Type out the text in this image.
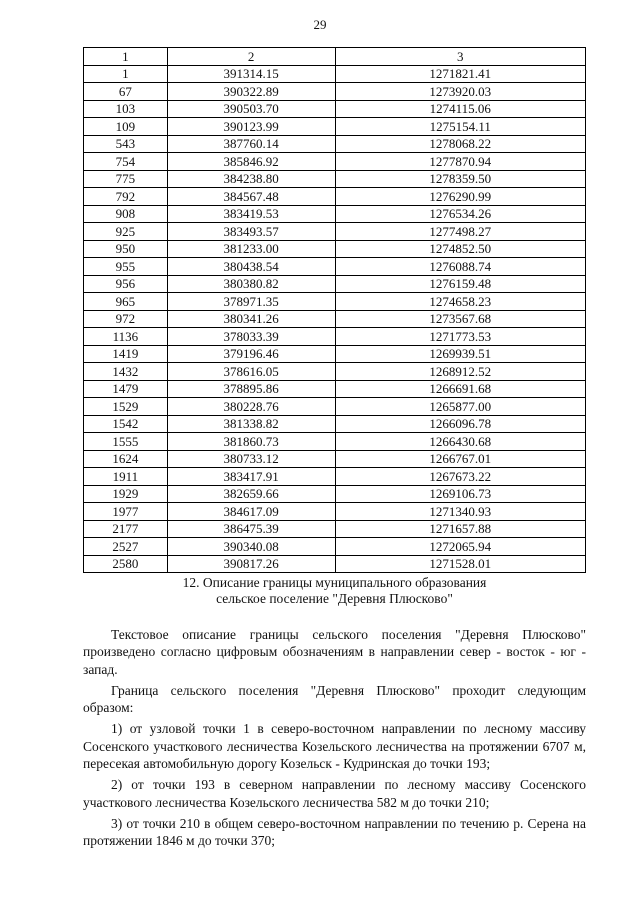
29
1	2	3
1	391314.15	1271821.41
67	390322.89	1273920.03
103	390503.70	1274115.06
109	390123.99	1275154.11
543	387760.14	1278068.22
754	385846.92	1277870.94
775	384238.80	1278359.50
792	384567.48	1276290.99
908	383419.53	1276534.26
925	383493.57	1277498.27
950	381233.00	1274852.50
955	380438.54	1276088.74
956	380380.82	1276159.48
965	378971.35	1274658.23
972	380341.26	1273567.68
1136	378033.39	1271773.53
1419	379196.46	1269939.51
1432	378616.05	1268912.52
1479	378895.86	1266691.68
1529	380228.76	1265877.00
1542	381338.82	1266096.78
1555	381860.73	1266430.68
1624	380733.12	1266767.01
1911	383417.91	1267673.22
1929	382659.66	1269106.73
1977	384617.09	1271340.93
2177	386475.39	1271657.88
2527	390340.08	1272065.94
2580	390817.26	1271528.01
12. Описание границы муниципального образования
сельское поселение "Деревня Плюсково"

Текстовое описание границы сельского поселения "Деревня Плюсково" произведено согласно цифровым обозначениям в направлении север - восток - юг - запад.

Граница сельского поселения "Деревня Плюсково" проходит следующим образом:

1) от узловой точки 1 в северо-восточном направлении по лесному массиву Сосенского участкового лесничества Козельского лесничества на протяжении 6707 м, пересекая автомобильную дорогу Козельск - Кудринская до точки 193;

2) от точки 193 в северном направлении по лесному массиву Сосенского участкового лесничества Козельского лесничества 582 м до точки 210;

3) от точки 210 в общем северо-восточном направлении по течению р. Серена на протяжении 1846 м до точки 370;
